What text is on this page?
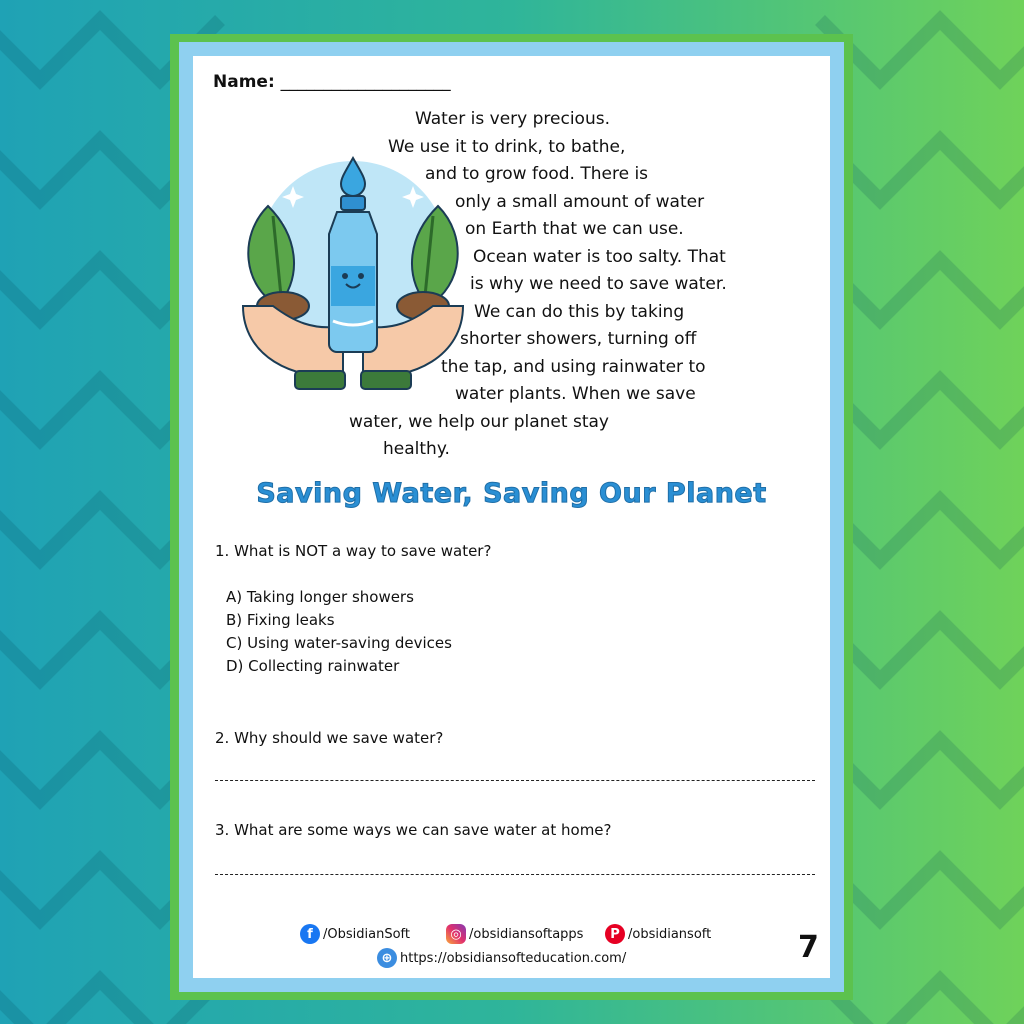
Name: ____________________
Water is very precious.
We use it to drink, to bathe,
and to grow food. There is
only a small amount of water
on Earth that we can use.
Ocean water is too salty. That
is why we need to save water.
We can do this by taking
shorter showers, turning off
the tap, and using rainwater to
water plants. When we save
water, we help our planet stay
healthy.
Saving Water, Saving Our Planet
1. What is NOT a way to save water?
A) Taking longer showers
B) Fixing leaks
C) Using water-saving devices
D) Collecting rainwater
2. Why should we save water?
3. What are some ways we can save water at home?
f /ObsidianSoft	◎ /obsidiansoftapps	P /obsidiansoft
⊕ https://obsidiansofteducation.com/	7
